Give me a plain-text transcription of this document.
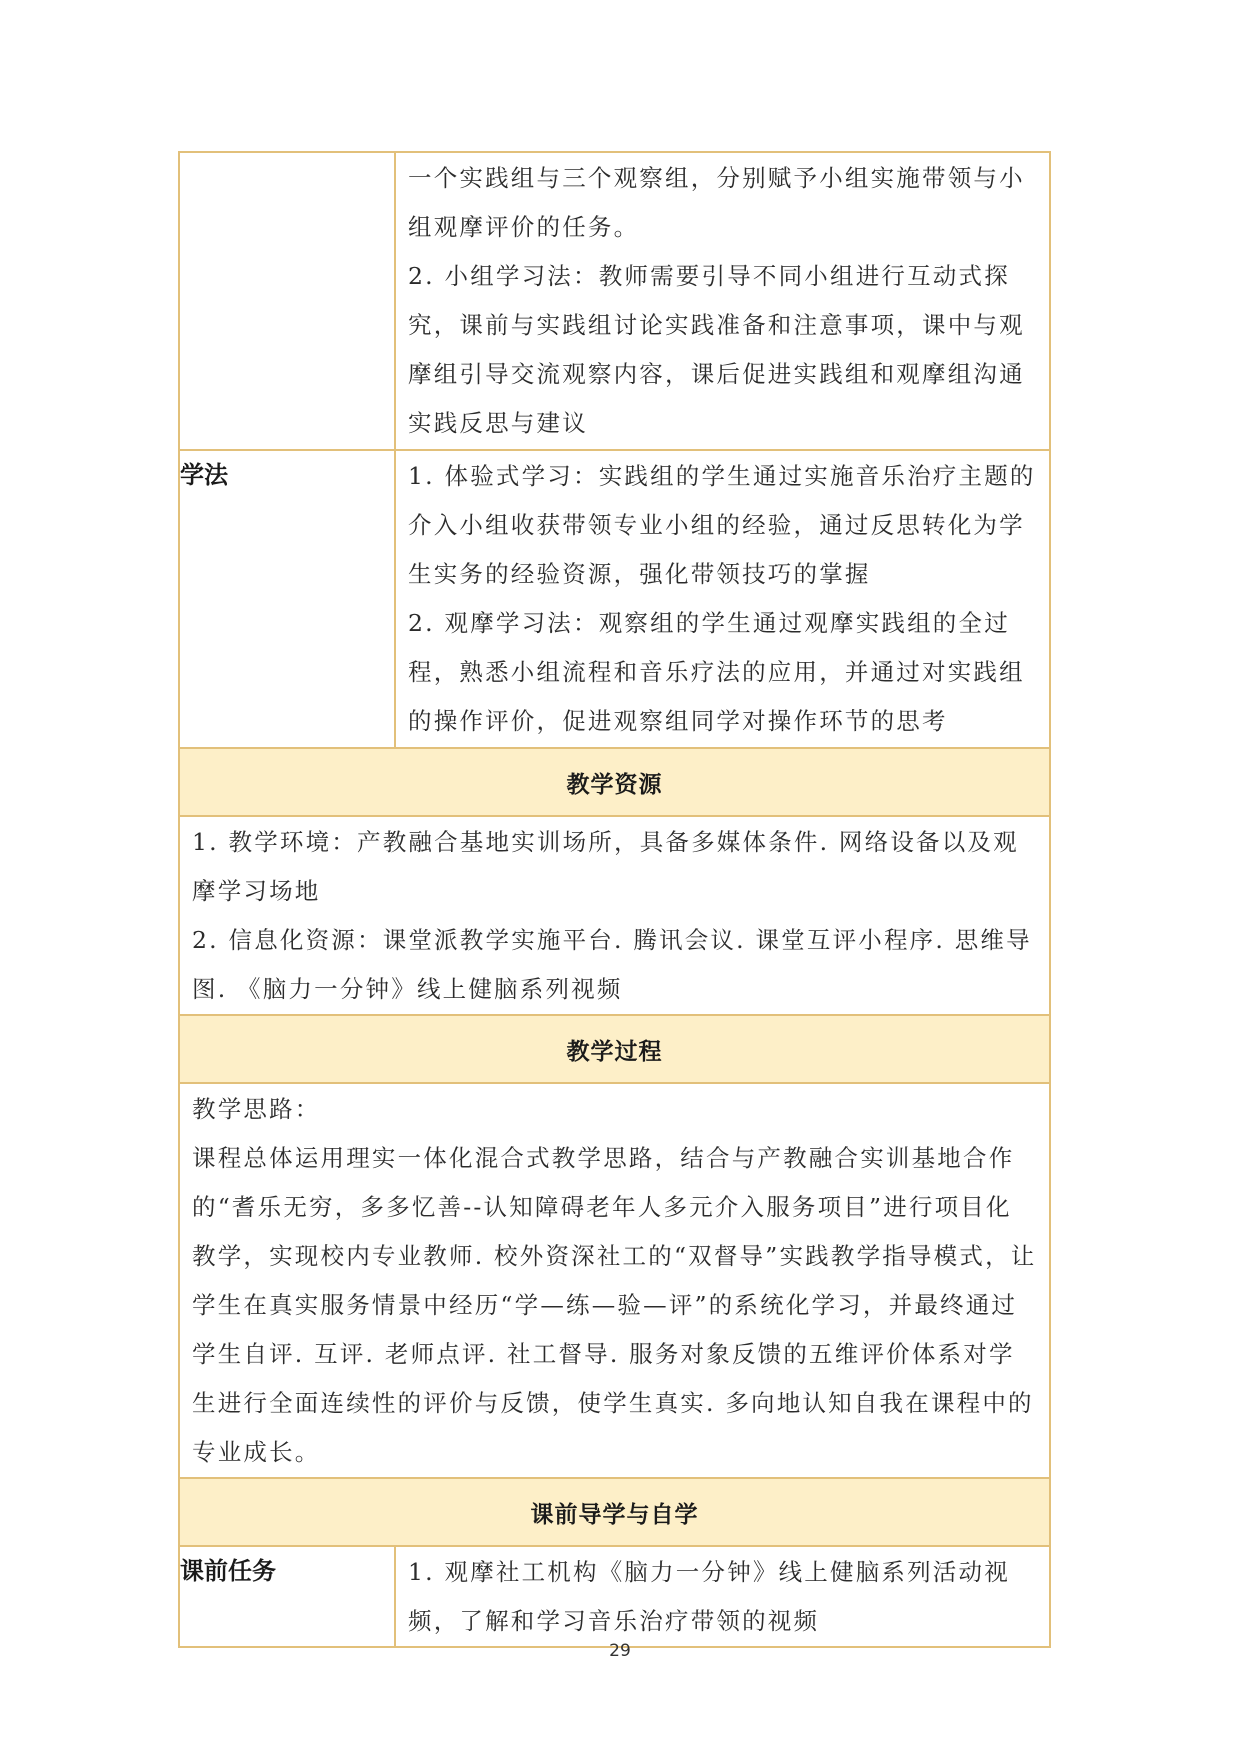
	一个实践组与三个观察组，分别赋予小组实施带领与小组观摩评价的任务。

2. 小组学习法：教师需要引导不同小组进行互动式探究，课前与实践组讨论实践准备和注意事项，课中与观摩组引导交流观察内容，课后促进实践组和观摩组沟通实践反思与建议

学法	1. 体验式学习：实践组的学生通过实施音乐治疗主题的介入小组收获带领专业小组的经验，通过反思转化为学生实务的经验资源，强化带领技巧的掌握

2. 观摩学习法：观察组的学生通过观摩实践组的全过程，熟悉小组流程和音乐疗法的应用，并通过对实践组的操作评价，促进观察组同学对操作环节的思考

教学资源	

1. 教学环境：产教融合基地实训场所，具备多媒体条件. 网络设备以及观摩学习场地

2. 信息化资源：课堂派教学实施平台. 腾讯会议. 课堂互评小程序. 思维导图. 《脑力一分钟》线上健脑系列视频	

教学过程	

教学思路：

课程总体运用理实一体化混合式教学思路，结合与产教融合实训基地合作的“耆乐无穷，多多忆善--认知障碍老年人多元介入服务项目”进行项目化教学，实现校内专业教师. 校外资深社工的“双督导”实践教学指导模式，让学生在真实服务情景中经历“学—练—验—评”的系统化学习，并最终通过学生自评. 互评. 老师点评. 社工督导. 服务对象反馈的五维评价体系对学生进行全面连续性的评价与反馈，使学生真实. 多向地认知自我在课程中的专业成长。	

课前导学与自学	
课前任务	1. 观摩社工机构《脑力一分钟》线上健脑系列活动视频，了解和学习音乐治疗带领的视频

29
